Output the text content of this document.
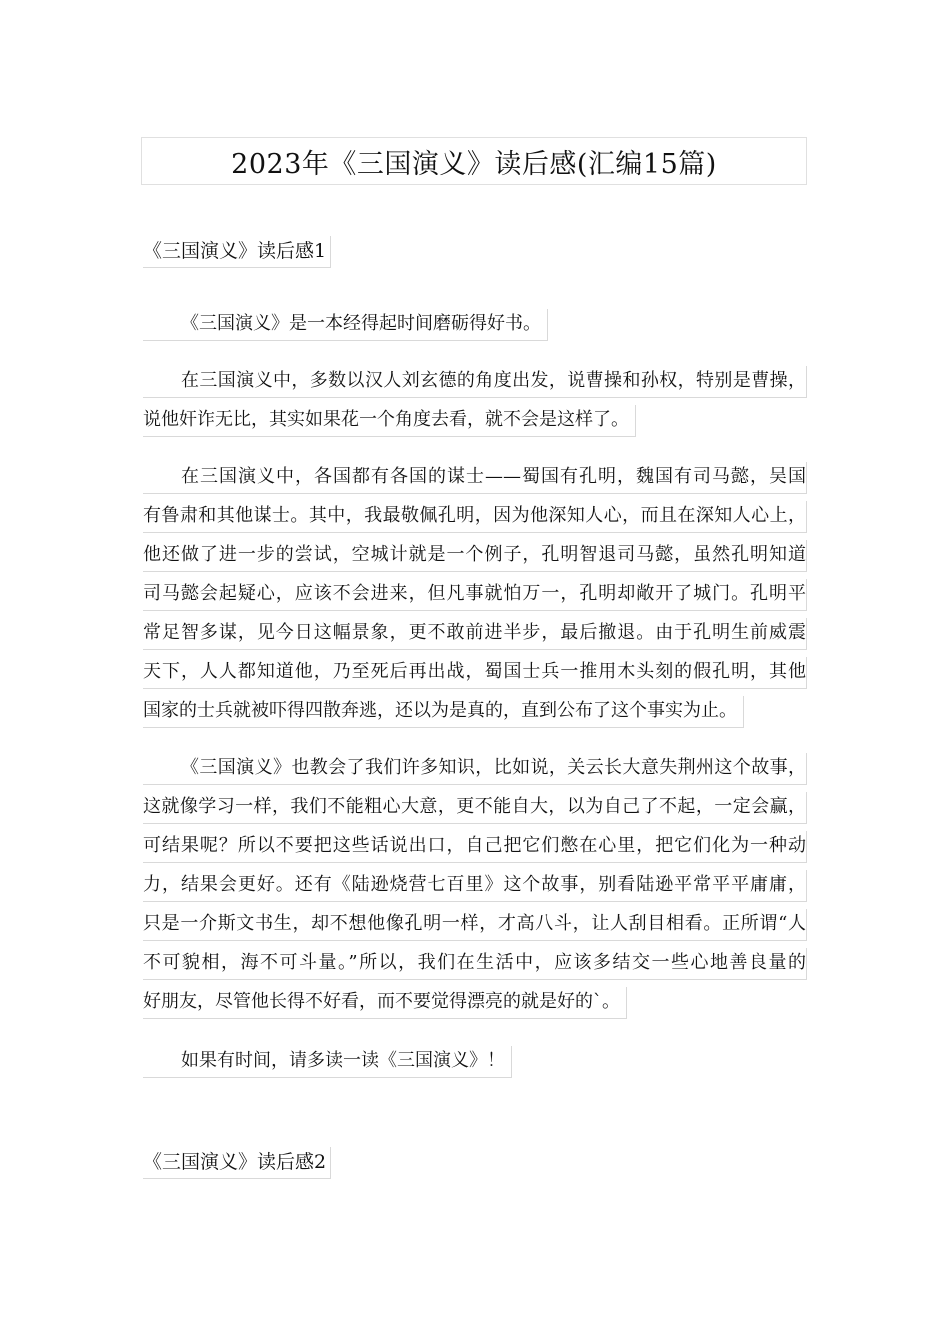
2023年《三国演义》读后感(汇编15篇)
《三国演义》读后感1
《三国演义》是一本经得起时间磨砺得好书。
在三国演义中，多数以汉人刘玄德的角度出发，说曹操和孙权，特别是曹操，
说他奸诈无比，其实如果花一个角度去看，就不会是这样了。
在三国演义中，各国都有各国的谋士——蜀国有孔明，魏国有司马懿，吴国
有鲁肃和其他谋士。其中，我最敬佩孔明，因为他深知人心，而且在深知人心上，
他还做了进一步的尝试，空城计就是一个例子，孔明智退司马懿，虽然孔明知道
司马懿会起疑心，应该不会进来，但凡事就怕万一，孔明却敞开了城门。孔明平
常足智多谋，见今日这幅景象，更不敢前进半步，最后撤退。由于孔明生前威震
天下，人人都知道他，乃至死后再出战，蜀国士兵一推用木头刻的假孔明，其他
国家的士兵就被吓得四散奔逃，还以为是真的，直到公布了这个事实为止。
《三国演义》也教会了我们许多知识，比如说，关云长大意失荆州这个故事，
这就像学习一样，我们不能粗心大意，更不能自大，以为自己了不起，一定会赢，
可结果呢？所以不要把这些话说出口，自己把它们憋在心里，把它们化为一种动
力，结果会更好。还有《陆逊烧营七百里》这个故事，别看陆逊平常平平庸庸，
只是一介斯文书生，却不想他像孔明一样，才高八斗，让人刮目相看。正所谓“人
不可貌相，海不可斗量。”所以，我们在生活中，应该多结交一些心地善良量的
好朋友，尽管他长得不好看，而不要觉得漂亮的就是好的`。
如果有时间，请多读一读《三国演义》！
《三国演义》读后感2
